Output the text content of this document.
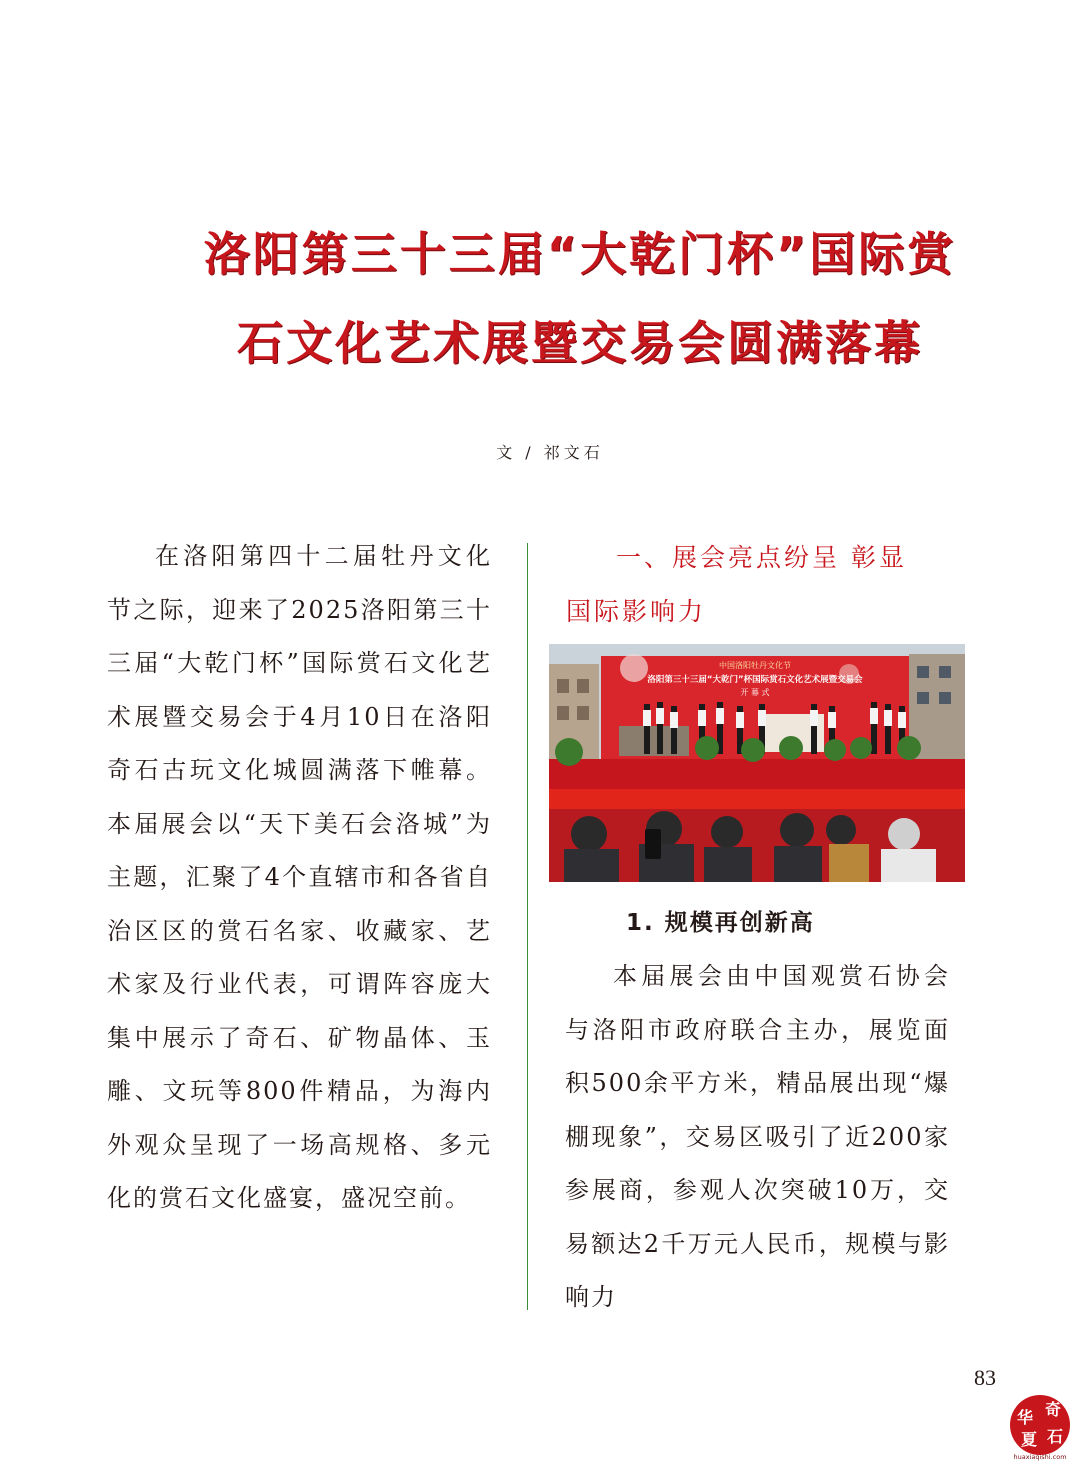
洛阳第三十三届“大乾门杯”国际赏
石文化艺术展暨交易会圆满落幕
文 / 祁文石

在洛阳第四十二届牡丹文化节之际，迎来了2025洛阳第三十三届“大乾门杯”国际赏石文化艺术展暨交易会于4月10日在洛阳奇石古玩文化城圆满落下帷幕。本届展会以“天下美石会洛城”为主题，汇聚了4个直辖市和各省自治区区的赏石名家、收藏家、艺术家及行业代表，可谓阵容庞大集中展示了奇石、矿物晶体、玉雕、文玩等800件精品，为海内外观众呈现了一场高规格、多元化的赏石文化盛宴，盛况空前。

一、展会亮点纷呈 彰显
国际影响力
中国洛阳牡丹文化节
洛阳第三十三届“大乾门”杯国际赏石文化艺术展暨交易会
开 幕 式
1. 规模再创新高

本届展会由中国观赏石协会与洛阳市政府联合主办，展览面积500余平方米，精品展出现“爆棚现象”，交易区吸引了近200家参展商，参观人次突破10万，交易额达2千万元人民币，规模与影响力

83
华 奇
夏 石
huaxiaqishi.com
